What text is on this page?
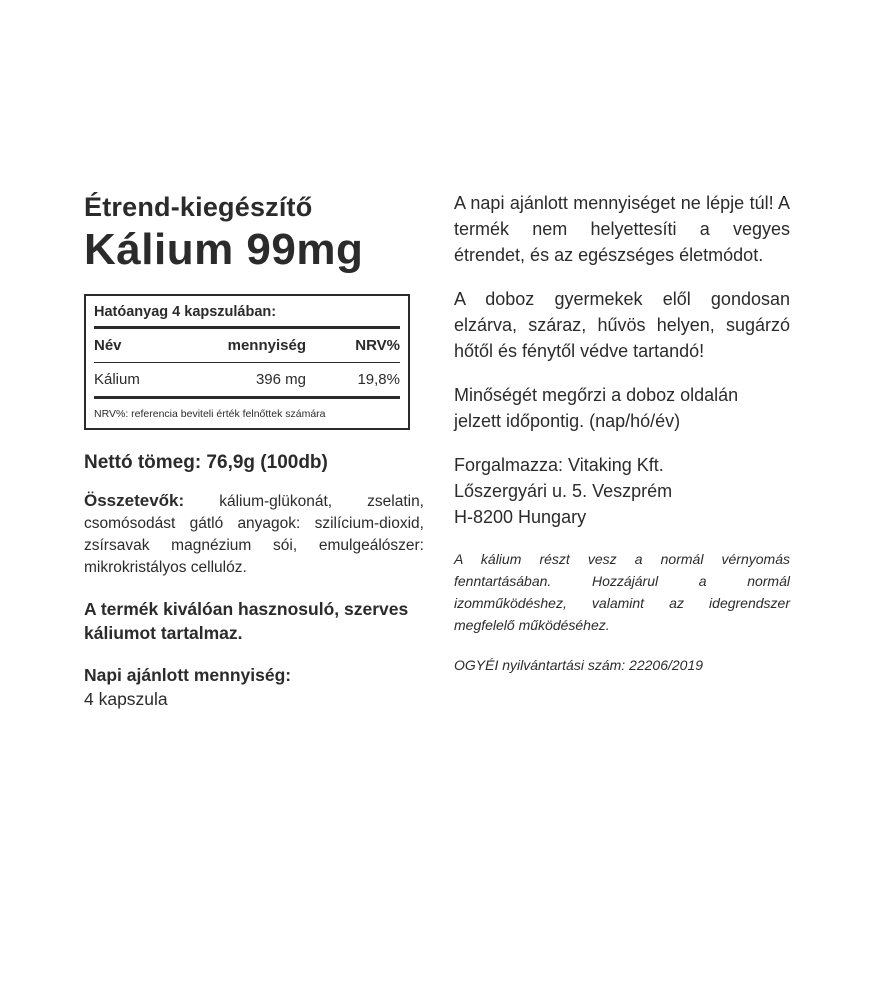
Étrend-kiegészítő
Kálium 99mg
Hatóanyag 4 kapszulában:
Név	mennyiség	NRV%
Kálium	396 mg	19,8%
NRV%: referencia beviteli érték felnőttek számára
Nettó tömeg: 76,9g (100db)
Összetevők: kálium-glükonát, zselatin, csomósodást gátló anyagok: szilícium-dioxid, zsírsavak magnézium sói, emulgeálószer: mikrokristályos cellulóz.
A termék kiválóan hasznosuló, szerves káliumot tartalmaz.
Napi ajánlott mennyiség:
4 kapszula

A napi ajánlott mennyiséget ne lépje túl! A termék nem helyettesíti a vegyes étrendet, és az egészséges életmódot.

A doboz gyermekek elől gondosan elzárva, száraz, hűvös helyen, sugárzó hőtől és fénytől védve tartandó!

Minőségét megőrzi a doboz oldalán jelzett időpontig. (nap/hó/év)

Forgalmazza: Vitaking Kft.
Lőszergyári u. 5. Veszprém
H-8200 Hungary

A kálium részt vesz a normál vérnyomás fenntartásában. Hozzájárul a normál izomműködéshez, valamint az idegrendszer megfelelő működéséhez.

OGYÉI nyilvántartási szám: 22206/2019
